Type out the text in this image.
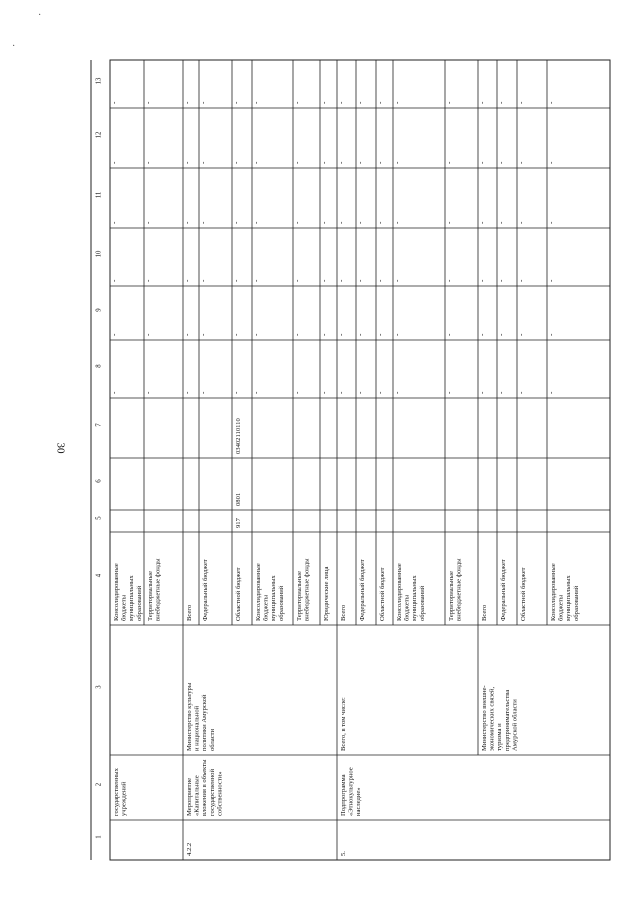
·
·
30
1
2
3
4
5
6
7
8
9
10
11
12
13
Консолидированные бюджеты муниципальных образований
государственных учреждений
-
-
-
-
-
-
Территориальные внебюджетные фонды
-
-
-
-
-
-
Всего
Министерство культуры и национальной политики Амурской области
Мероприятие «Капитальные вложения в объекты государственной собственности»
4.2.2
-
-
-
-
-
-
Федеральный бюджет
-
-
-
-
-
-
Областной бюджет
917
0801
03402110110
-
-
-
-
-
-
Консолидированные бюджеты муниципальных образований
-
-
-
-
-
-
Территориальные внебюджетные фонды
-
-
-
-
-
-
Юридические лица
-
-
-
-
-
-
Всего
Всего, в том числе:
Подпрограмма «Этнокультурное наследие»
5.
-
-
-
-
-
-
Федеральный бюджет
-
-
-
-
-
-
Областной бюджет
-
-
-
-
-
-
Консолидированные бюджеты муниципальных образований
-
-
-
-
-
-
Территориальные внебюджетные фонды
-
-
-
-
-
-
Всего
Министерство внешне- экономических связей, туризма и предпринимательства Амурской области
-
-
-
-
-
-
Федеральный бюджет
-
-
-
-
-
-
Областной бюджет
-
-
-
-
-
-
Консолидированные бюджеты муниципальных образований
-
-
-
-
-
-
